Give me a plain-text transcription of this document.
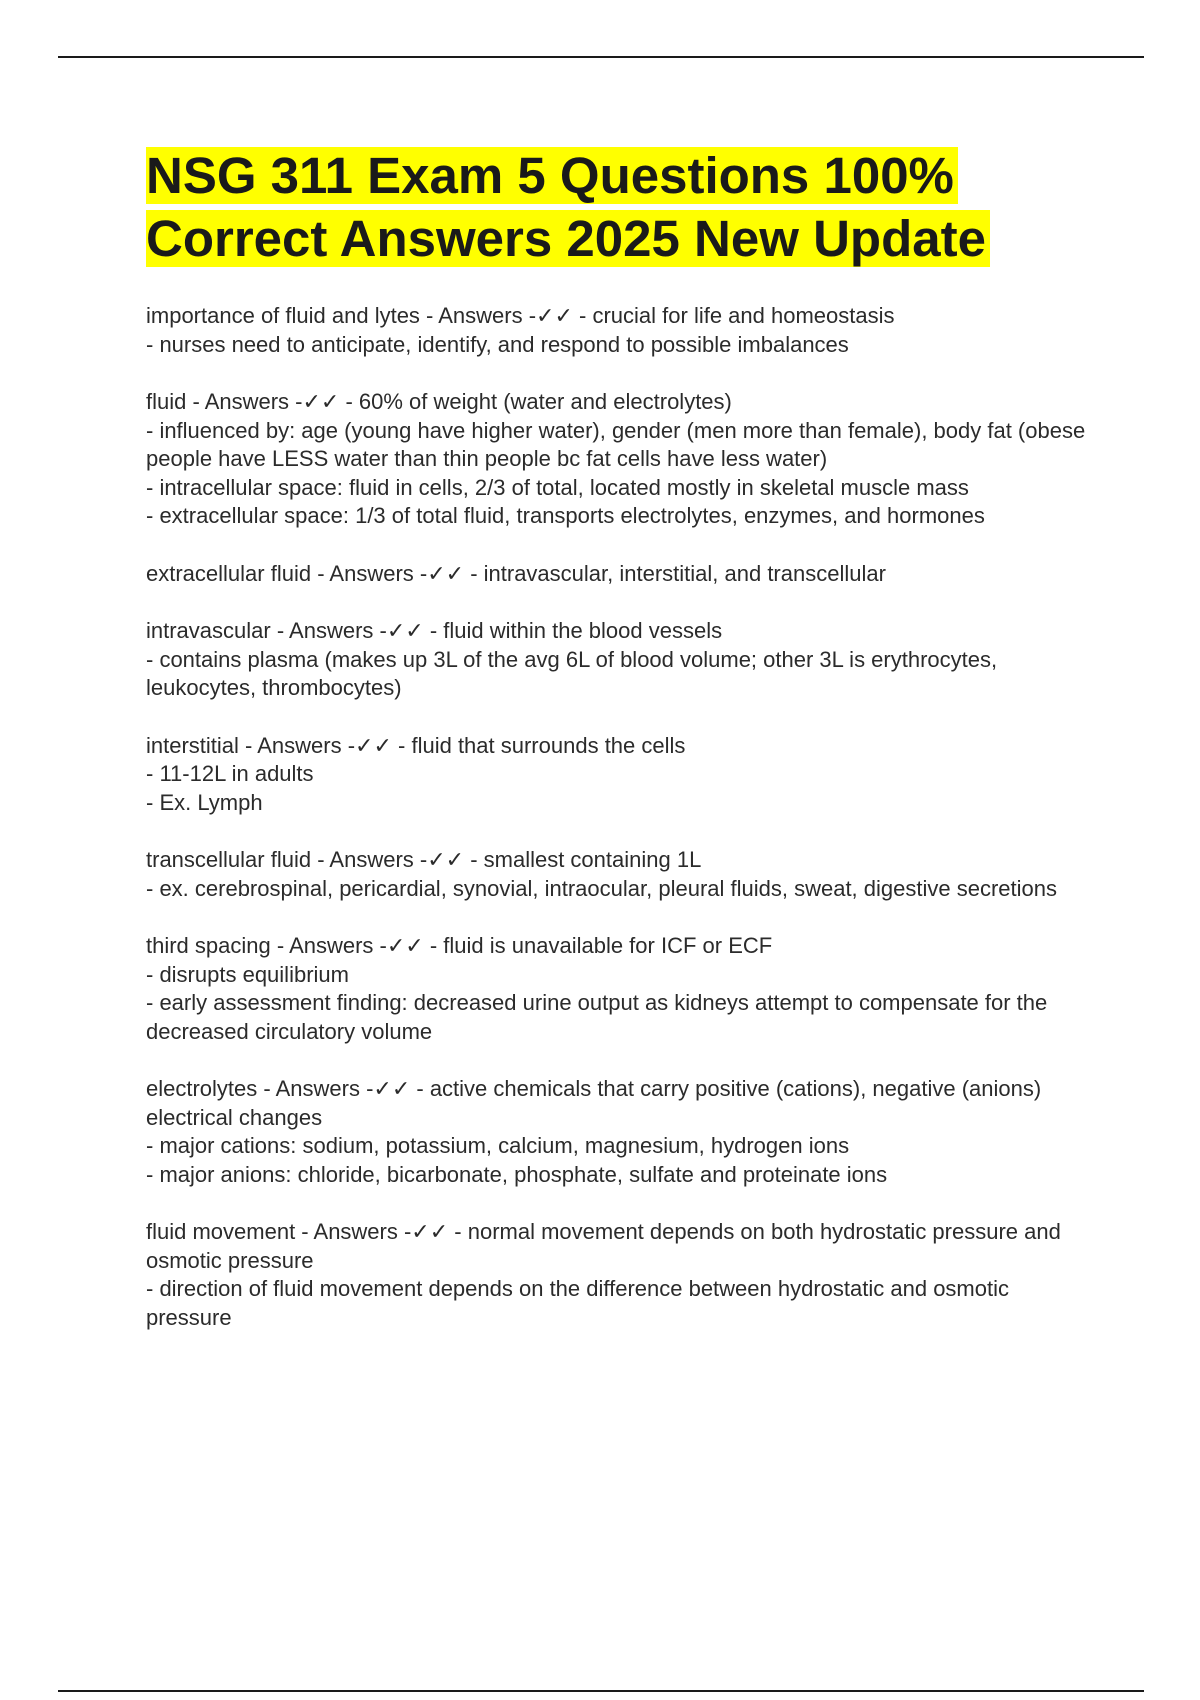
NSG 311 Exam 5 Questions 100% Correct Answers 2025 New Update
importance of fluid and lytes - Answers -✓✓ - crucial for life and homeostasis
- nurses need to anticipate, identify, and respond to possible imbalances
fluid - Answers -✓✓ - 60% of weight (water and electrolytes)
- influenced by: age (young have higher water), gender (men more than female), body fat (obese people have LESS water than thin people bc fat cells have less water)
- intracellular space: fluid in cells, 2/3 of total, located mostly in skeletal muscle mass
- extracellular space: 1/3 of total fluid, transports electrolytes, enzymes, and hormones
extracellular fluid - Answers -✓✓ - intravascular, interstitial, and transcellular
intravascular - Answers -✓✓ - fluid within the blood vessels
- contains plasma (makes up 3L of the avg 6L of blood volume; other 3L is erythrocytes, leukocytes, thrombocytes)
interstitial - Answers -✓✓ - fluid that surrounds the cells
- 11-12L in adults
- Ex. Lymph
transcellular fluid - Answers -✓✓ - smallest containing 1L
- ex. cerebrospinal, pericardial, synovial, intraocular, pleural fluids, sweat, digestive secretions
third spacing - Answers -✓✓ - fluid is unavailable for ICF or ECF
- disrupts equilibrium
- early assessment finding: decreased urine output as kidneys attempt to compensate for the decreased circulatory volume
electrolytes - Answers -✓✓ - active chemicals that carry positive (cations), negative (anions) electrical changes
- major cations: sodium, potassium, calcium, magnesium, hydrogen ions
- major anions: chloride, bicarbonate, phosphate, sulfate and proteinate ions
fluid movement - Answers -✓✓ - normal movement depends on both hydrostatic pressure and osmotic pressure
- direction of fluid movement depends on the difference between hydrostatic and osmotic pressure
